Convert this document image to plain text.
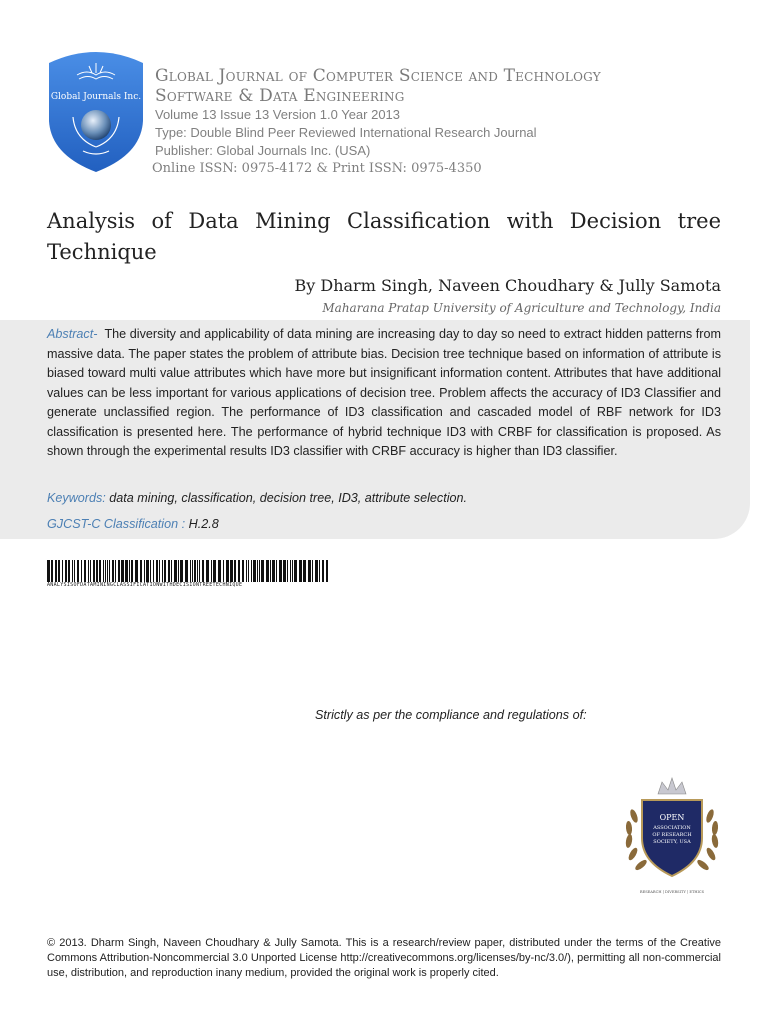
Global Journals Inc.
Global Journal of Computer Science and Technology
Software & Data Engineering
Volume 13 Issue 13 Version 1.0 Year 2013
Type: Double Blind Peer Reviewed International Research Journal
Publisher: Global Journals Inc. (USA)
Online ISSN: 0975-4172 & Print ISSN: 0975-4350
Analysis of Data Mining Classification with Decision tree Technique
By Dharm Singh, Naveen Choudhary & Jully Samota
Maharana Pratap University of Agriculture and Technology, India

Abstract- The diversity and applicability of data mining are increasing day to day so need to extract hidden patterns from massive data. The paper states the problem of attribute bias. Decision tree technique based on information of attribute is biased toward multi value attributes which have more but insignificant information content. Attributes that have additional values can be less important for various applications of decision tree. Problem affects the accuracy of ID3 Classifier and generate unclassified region. The performance of ID3 classification and cascaded model of RBF network for ID3 classification is presented here. The performance of hybrid technique ID3 with CRBF for classification is proposed. As shown through the experimental results ID3 classifier with CRBF accuracy is higher than ID3 classifier.

Keywords: data mining, classification, decision tree, ID3, attribute selection.

GJCST-C Classification : H.2.8

ANALYSISOFDATAMININGCLASSIFICATIONWITHDECISIONTREETECHNIQUE
Strictly as per the compliance and regulations of:
OPEN
ASSOCIATION
OF RESEARCH
SOCIETY, USA
RESEARCH | DIVERSITY | ETHICS

© 2013. Dharm Singh, Naveen Choudhary & Jully Samota. This is a research/review paper, distributed under the terms of the Creative Commons Attribution-Noncommercial 3.0 Unported License http://creativecommons.org/licenses/by-nc/3.0/), permitting all non-commercial use, distribution, and reproduction inany medium, provided the original work is properly cited.
